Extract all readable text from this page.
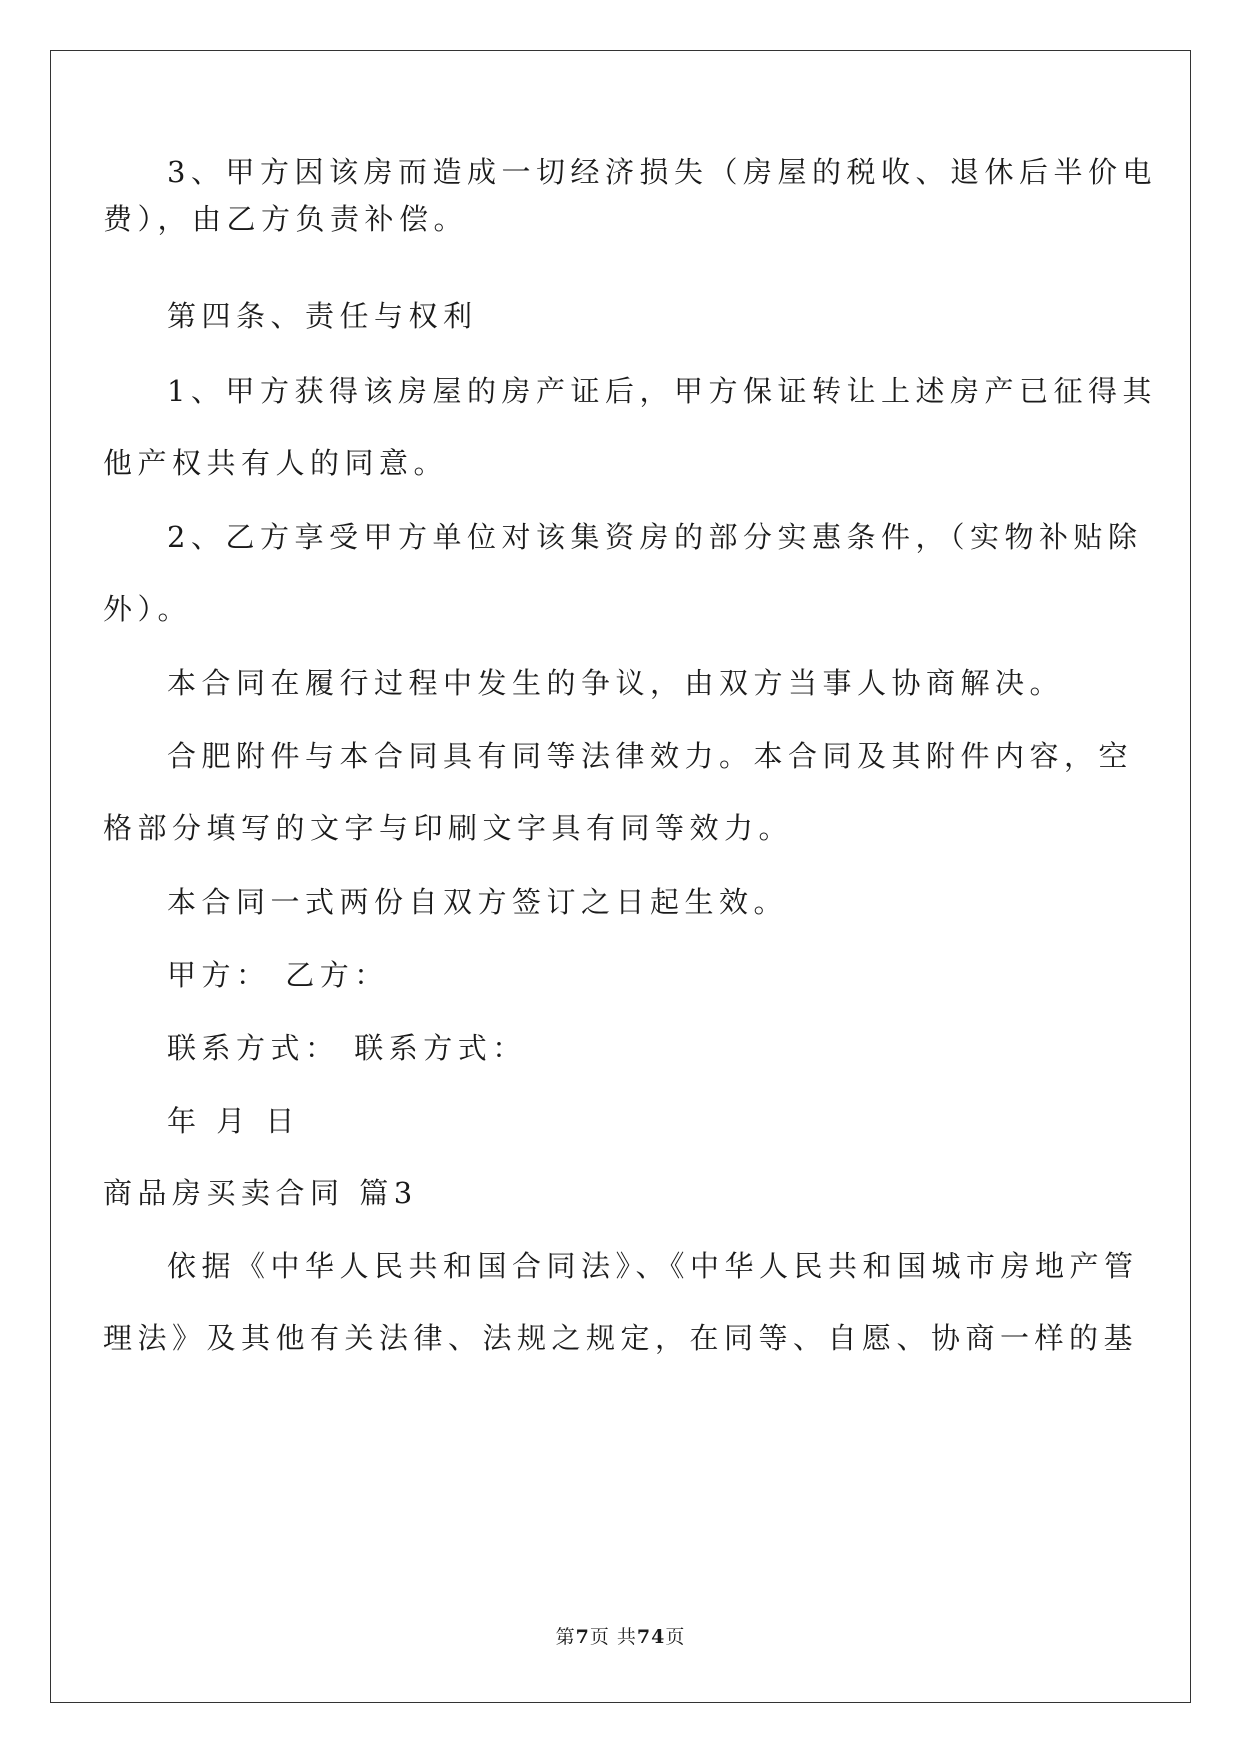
3、甲方因该房而造成一切经济损失（房屋的税收、退休后半价电
费），由乙方负责补偿。
第四条、责任与权利
1、甲方获得该房屋的房产证后，甲方保证转让上述房产已征得其
他产权共有人的同意。
2、乙方享受甲方单位对该集资房的部分实惠条件，（实物补贴除
外）。
本合同在履行过程中发生的争议，由双方当事人协商解决。
合肥附件与本合同具有同等法律效力。本合同及其附件内容，空
格部分填写的文字与印刷文字具有同等效力。
本合同一式两份自双方签订之日起生效。
甲方： 乙方：
联系方式： 联系方式：
年 月 日
商品房买卖合同 篇3
依据《中华人民共和国合同法》、《中华人民共和国城市房地产管
理法》及其他有关法律、法规之规定，在同等、自愿、协商一样的基
第7页 共74页
